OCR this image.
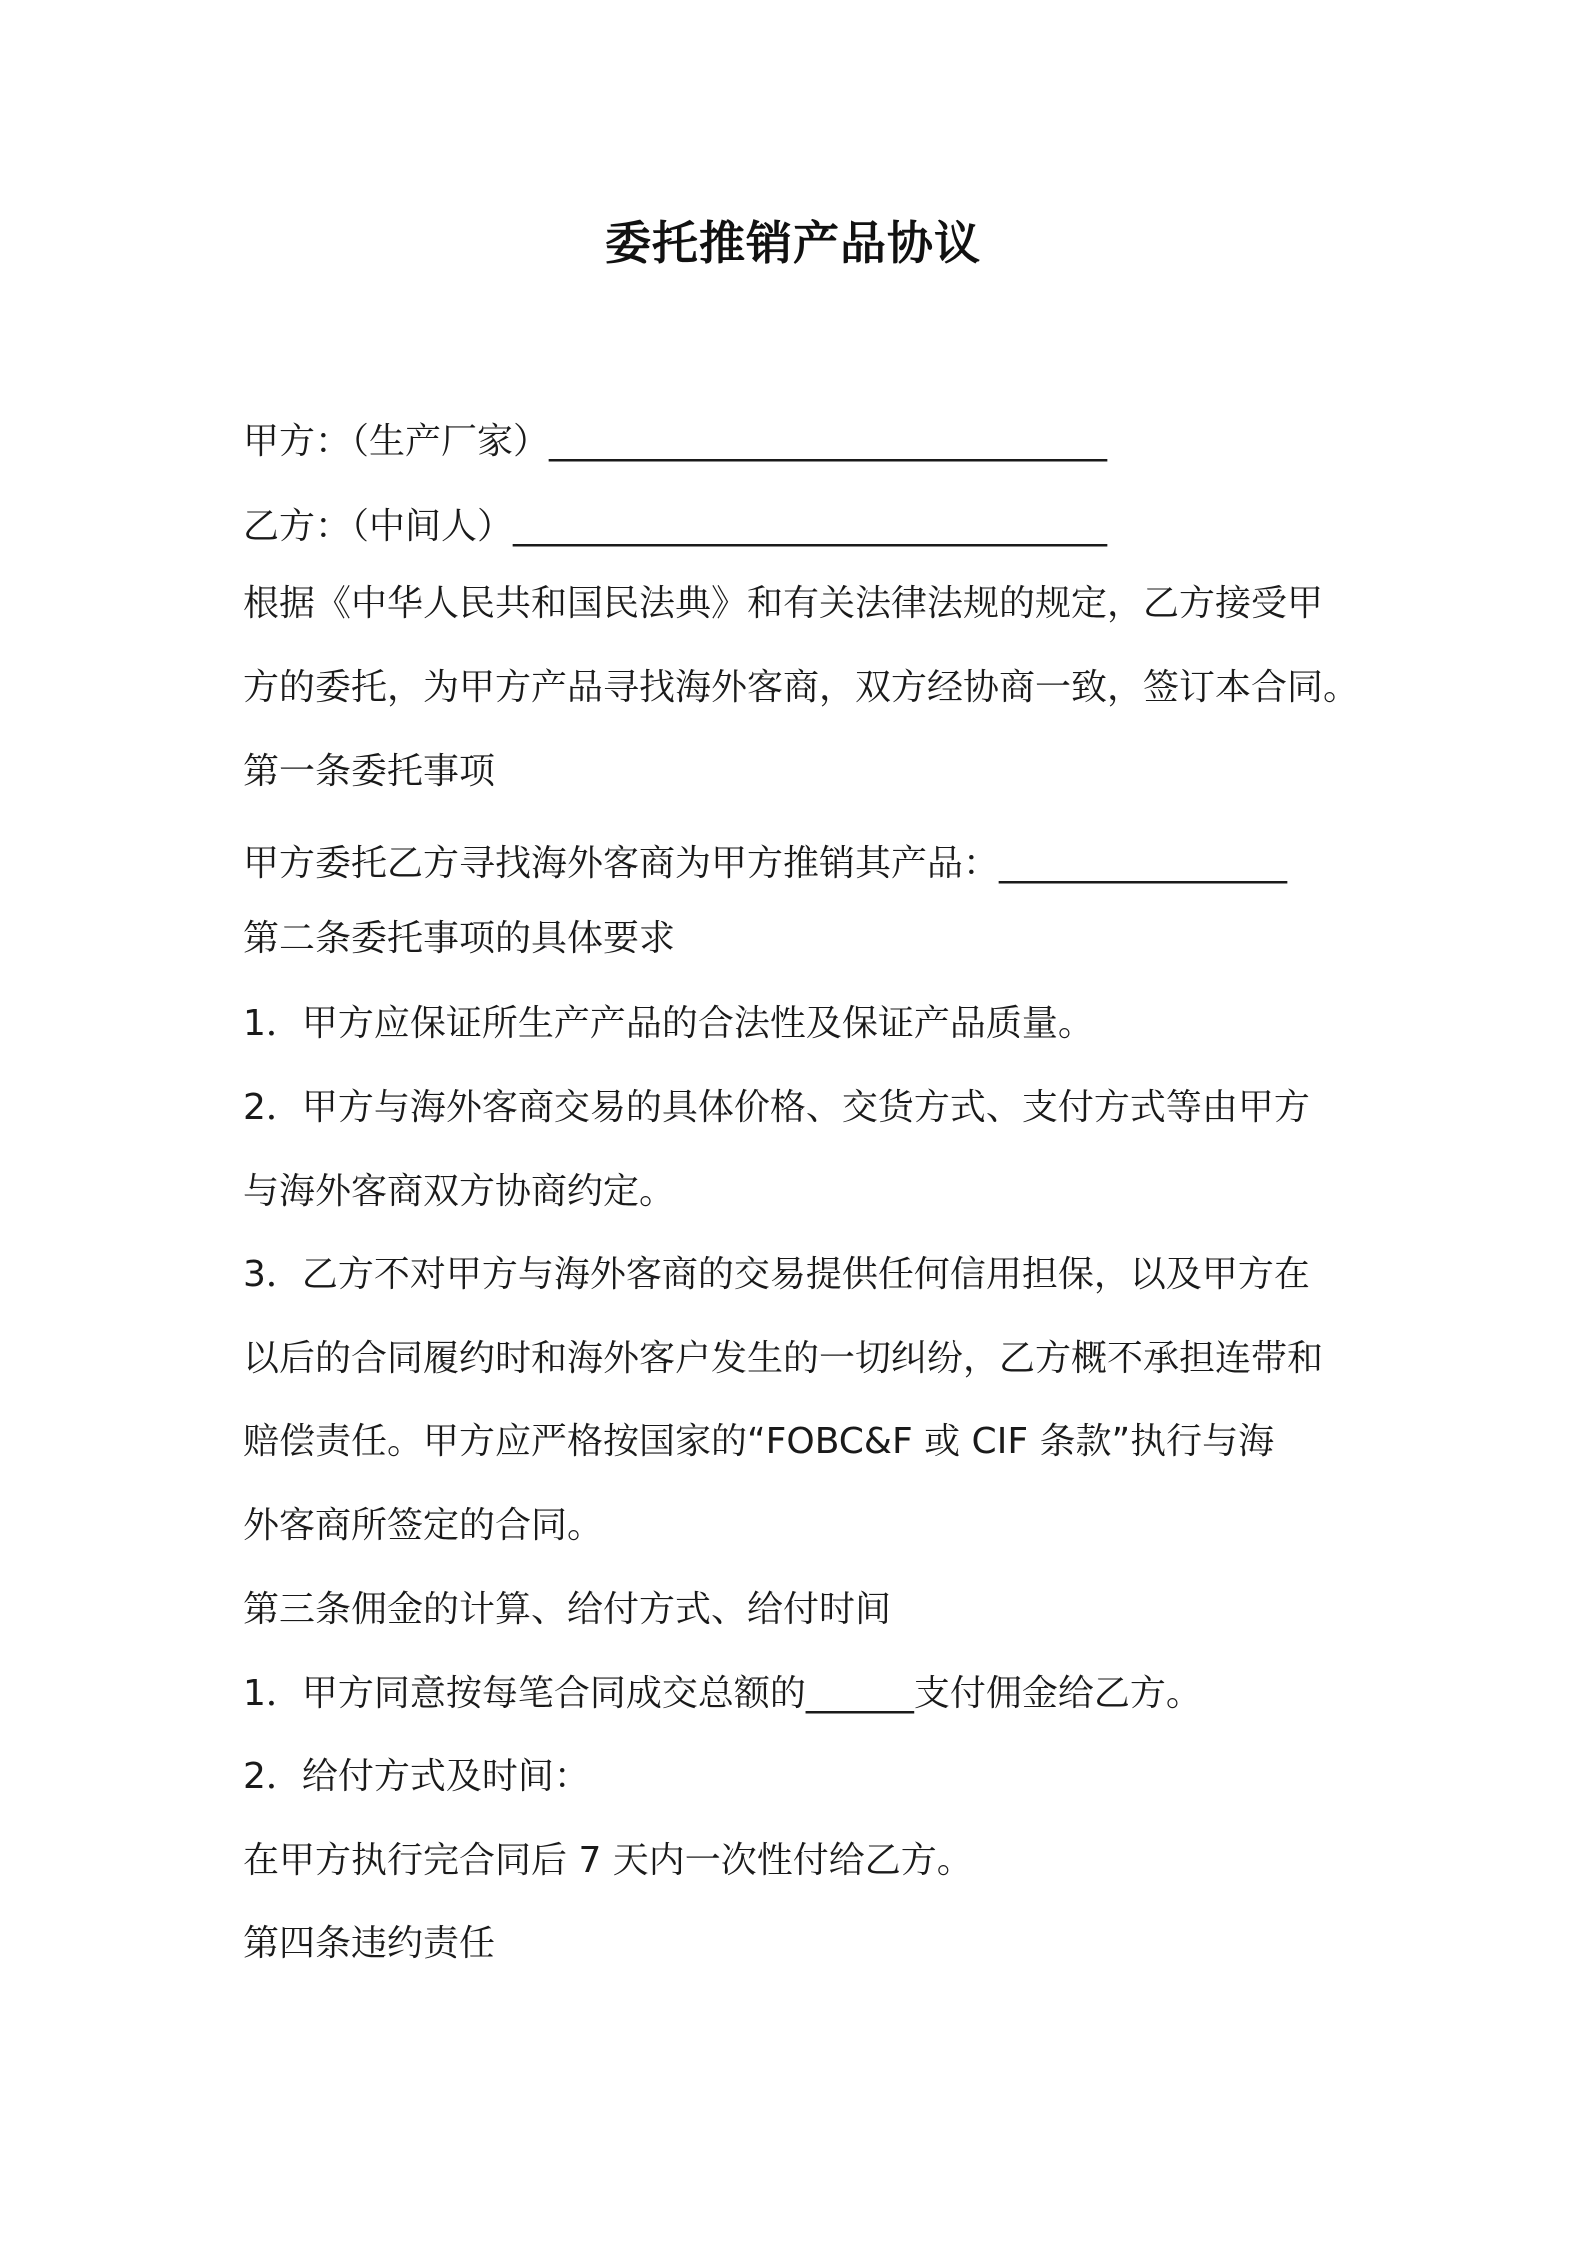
委托推销产品协议
甲方：（生产厂家）_______________________________
乙方：（中间人）_________________________________
根据《中华人民共和国民法典》和有关法律法规的规定，乙方接受甲
方的委托，为甲方产品寻找海外客商，双方经协商一致，签订本合同。
第一条委托事项
甲方委托乙方寻找海外客商为甲方推销其产品：________________
第二条委托事项的具体要求
1．甲方应保证所生产产品的合法性及保证产品质量。
2．甲方与海外客商交易的具体价格、交货方式、支付方式等由甲方
与海外客商双方协商约定。
3．乙方不对甲方与海外客商的交易提供任何信用担保，以及甲方在
以后的合同履约时和海外客户发生的一切纠纷，乙方概不承担连带和
赔偿责任。甲方应严格按国家的“FOBC&F 或 CIF 条款”执行与海
外客商所签定的合同。
第三条佣金的计算、给付方式、给付时间
1．甲方同意按每笔合同成交总额的______支付佣金给乙方。
2．给付方式及时间：
在甲方执行完合同后 7 天内一次性付给乙方。
第四条违约责任
